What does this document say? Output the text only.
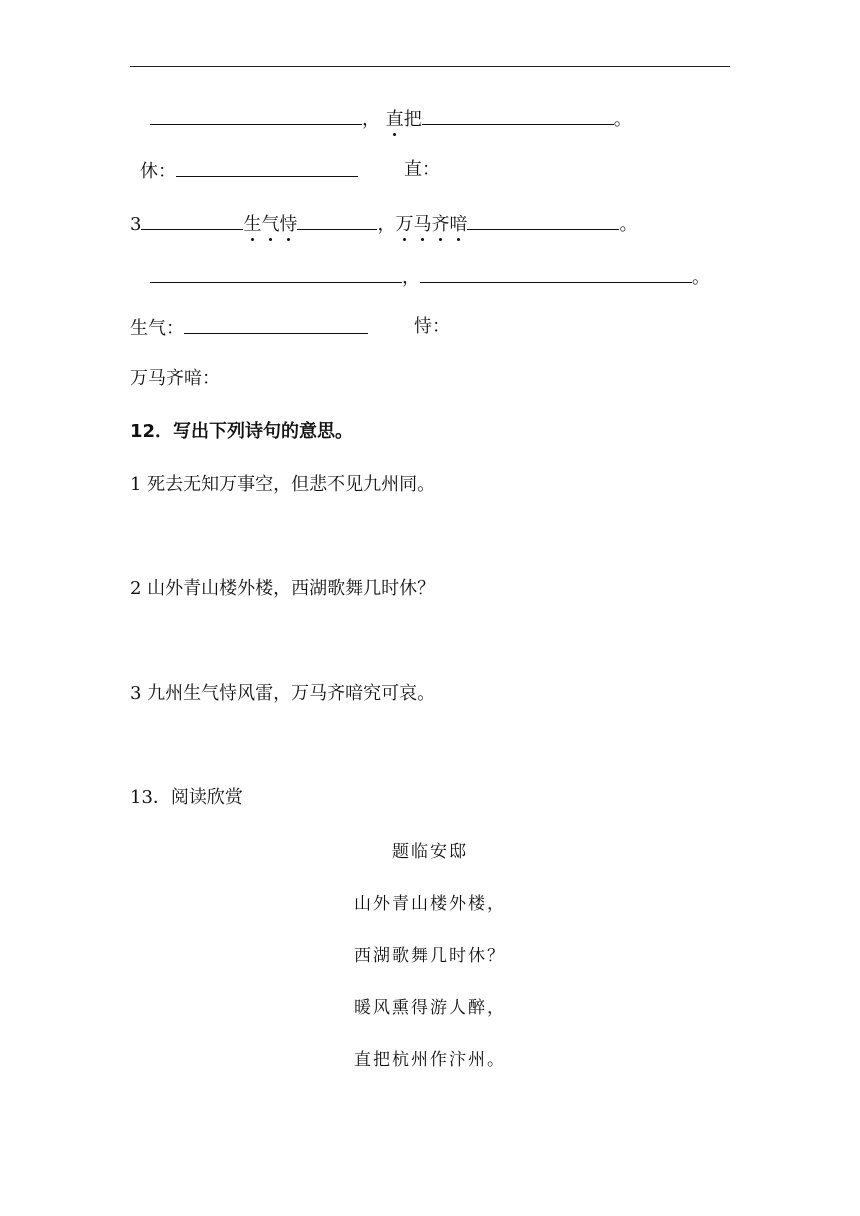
， 直把	。
休：	直：
3	生气恃	，万马齐喑	。
，	。
生气：	恃：
万马齐喑：
12．写出下列诗句的意思。
1 死去无知万事空，但悲不见九州同。
2 山外青山楼外楼，西湖歌舞几时休？
3 九州生气恃风雷，万马齐喑究可哀。
13．阅读欣赏
题临安邸
山外青山楼外楼，
西湖歌舞几时休？
暖风熏得游人醉，
直把杭州作汴州。
